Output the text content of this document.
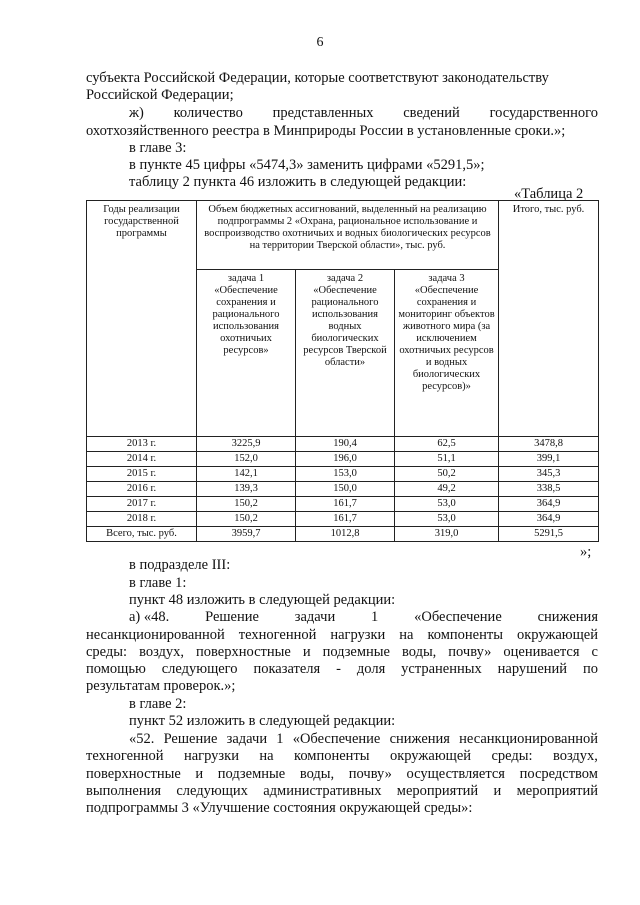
6
субъекта Российской Федерации, которые соответствуют законодательству
Российской Федерации;
ж) количество представленных сведений государственного
охотхозяйственного реестра в Минприроды России в установленные сроки.»;
в главе 3:
в пункте 45 цифры «5474,3» заменить цифрами «5291,5»;
таблицу 2 пункта 46 изложить в следующей редакции:
«Таблица 2
Годы реализации государственной программы	Объем бюджетных ассигнований, выделенный на реализацию подпрограммы 2 «Охрана, рациональное использование и воспроизводство охотничьих и водных биологических ресурсов на территории Тверской области», тыс. руб.			Итого, тыс. руб.
	задача 1 «Обеспечение сохранения и рационального использования охотничьих ресурсов»	задача 2 «Обеспечение рационального использования водных биологических ресурсов Тверской области»	задача 3 «Обеспечение сохранения и мониторинг объектов животного мира (за исключением охотничьих ресурсов и водных биологических ресурсов)»	
2013 г.	3225,9	190,4	62,5	3478,8
2014 г.	152,0	196,0	51,1	399,1
2015 г.	142,1	153,0	50,2	345,3
2016 г.	139,3	150,0	49,2	338,5
2017 г.	150,2	161,7	53,0	364,9
2018 г.	150,2	161,7	53,0	364,9
Всего, тыс. руб.	3959,7	1012,8	319,0	5291,5
»;
в подразделе III:
в главе 1:
пункт 48 изложить в следующей редакции:
а) «48. Решение задачи 1 «Обеспечение снижения
несанкционированной техногенной нагрузки на компоненты окружающей
среды: воздух, поверхностные и подземные воды, почву» оценивается с
помощью следующего показателя - доля устраненных нарушений по
результатам проверок.»;
в главе 2:
пункт 52 изложить в следующей редакции:
«52. Решение задачи 1 «Обеспечение снижения несанкционированной
техногенной нагрузки на компоненты окружающей среды: воздух,
поверхностные и подземные воды, почву» осуществляется посредством
выполнения следующих административных мероприятий и мероприятий
подпрограммы 3 «Улучшение состояния окружающей среды»:
